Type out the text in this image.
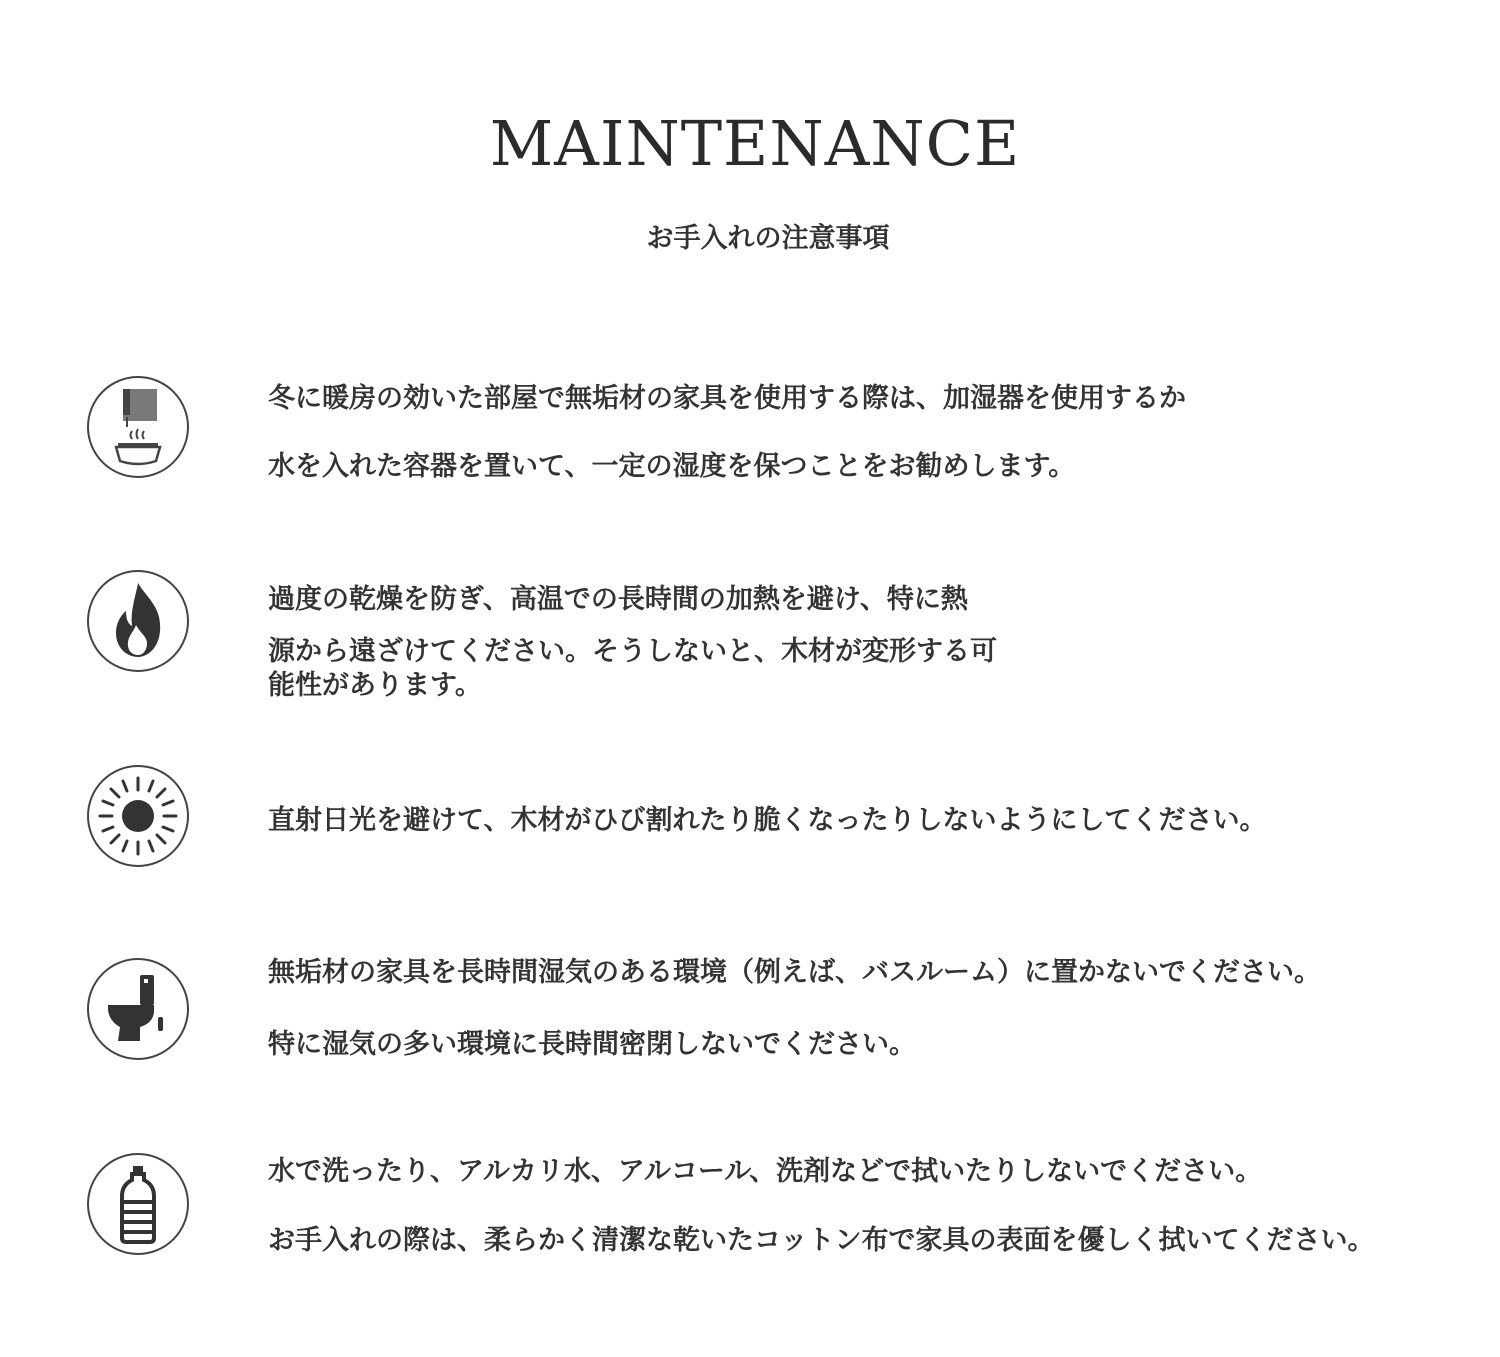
MAINTENANCE
お手入れの注意事項
冬に暖房の効いた部屋で無垢材の家具を使用する際は、加湿器を使用するか
水を入れた容器を置いて、一定の湿度を保つことをお勧めします。
過度の乾燥を防ぎ、高温での長時間の加熱を避け、特に熱
源から遠ざけてください。そうしないと、木材が変形する可
能性があります。
直射日光を避けて、木材がひび割れたり脆くなったりしないようにしてください。
無垢材の家具を長時間湿気のある環境（例えば、バスルーム）に置かないでください。
特に湿気の多い環境に長時間密閉しないでください。
水で洗ったり、アルカリ水、アルコール、洗剤などで拭いたりしないでください。
お手入れの際は、柔らかく清潔な乾いたコットン布で家具の表面を優しく拭いてください。
